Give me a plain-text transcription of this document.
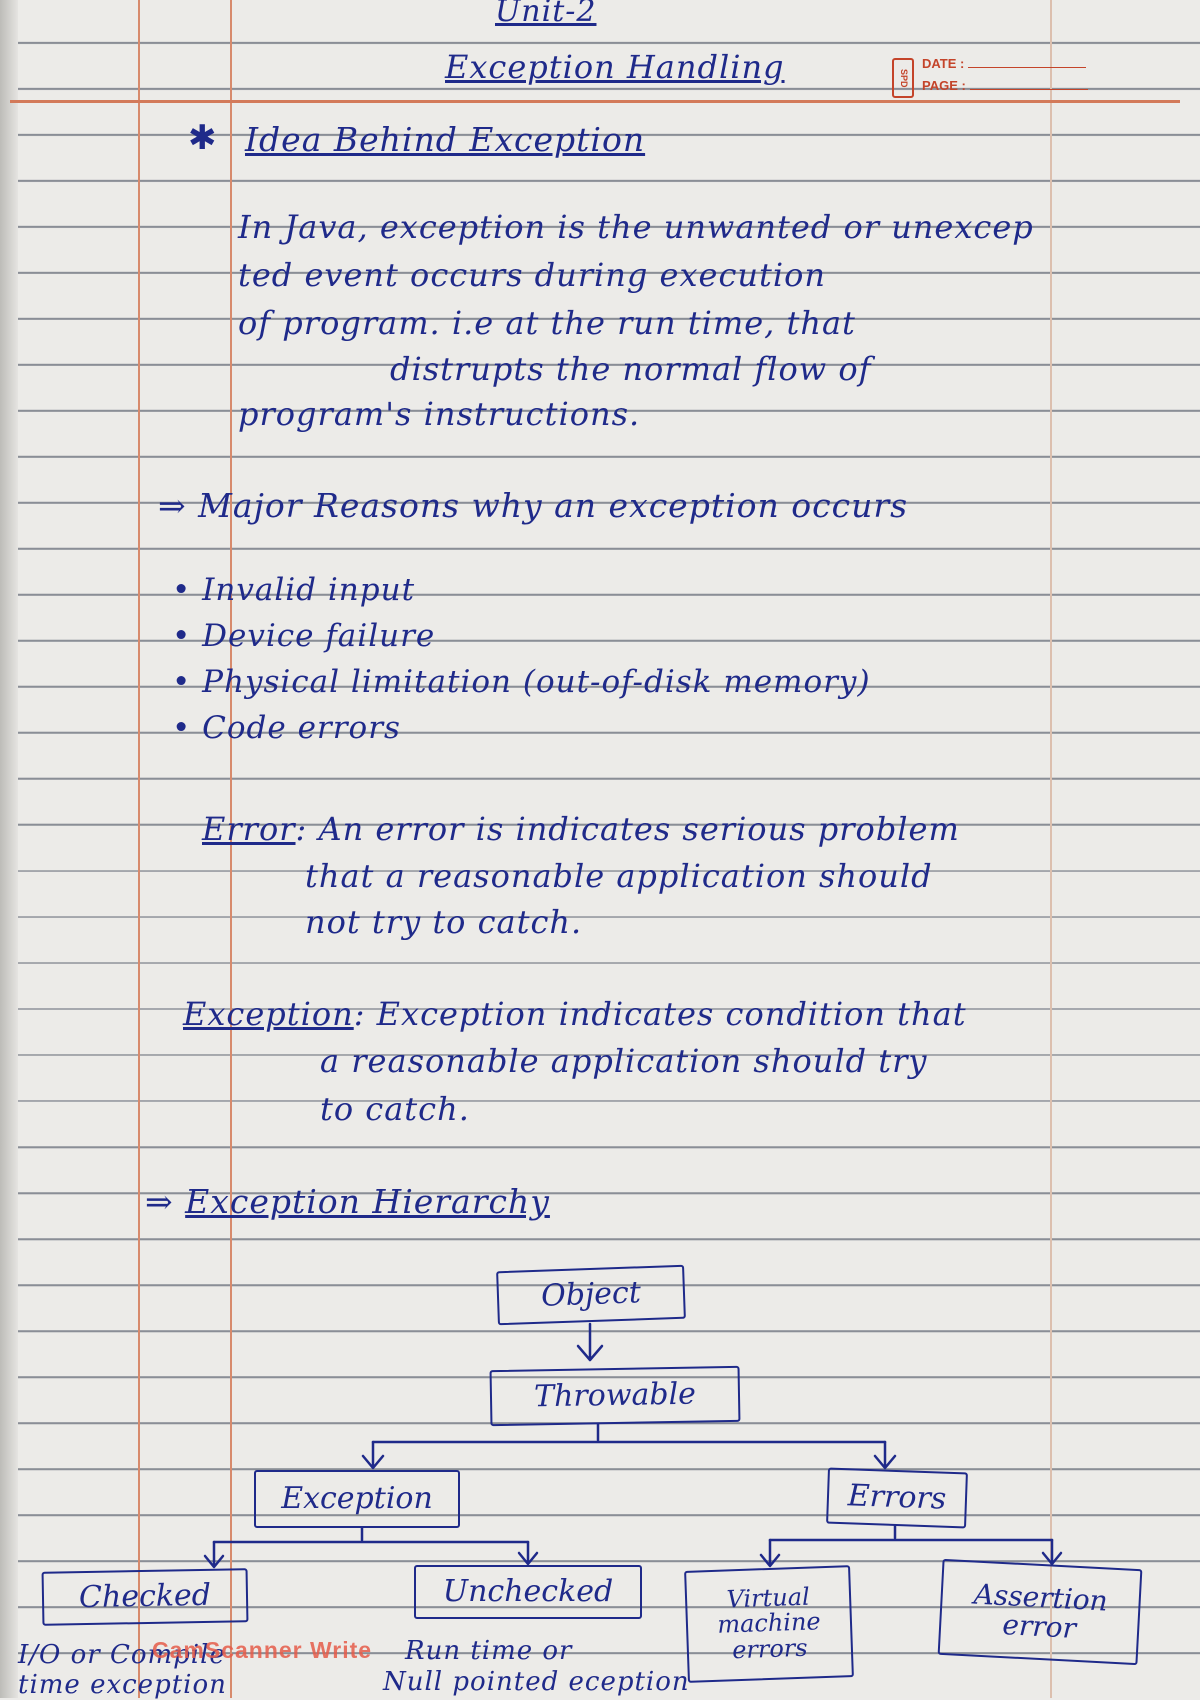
Unit-2
Exception Handling	SPD
DATE :
PAGE :
✱ Idea Behind Exception
In Java, exception is the unwanted or unexcep
ted event occurs during execution
of program. i.e at the run time, that
distrupts the normal flow of
program's instructions.
⇒ Major Reasons why an exception occurs
• Invalid input
• Device failure
• Physical limitation (out-of-disk memory)
• Code errors
Error: An error is indicates serious problem
that a reasonable application should
not try to catch.
Exception: Exception indicates condition that
a reasonable application should try
to catch.
⇒ Exception Hierarchy
Object
Throwable
Exception	Errors
Checked	Unchecked	Virtual machine errors
Assertion error
I/O or Compile
time exception
Run time or
Null pointed eception
CamScanner Write
